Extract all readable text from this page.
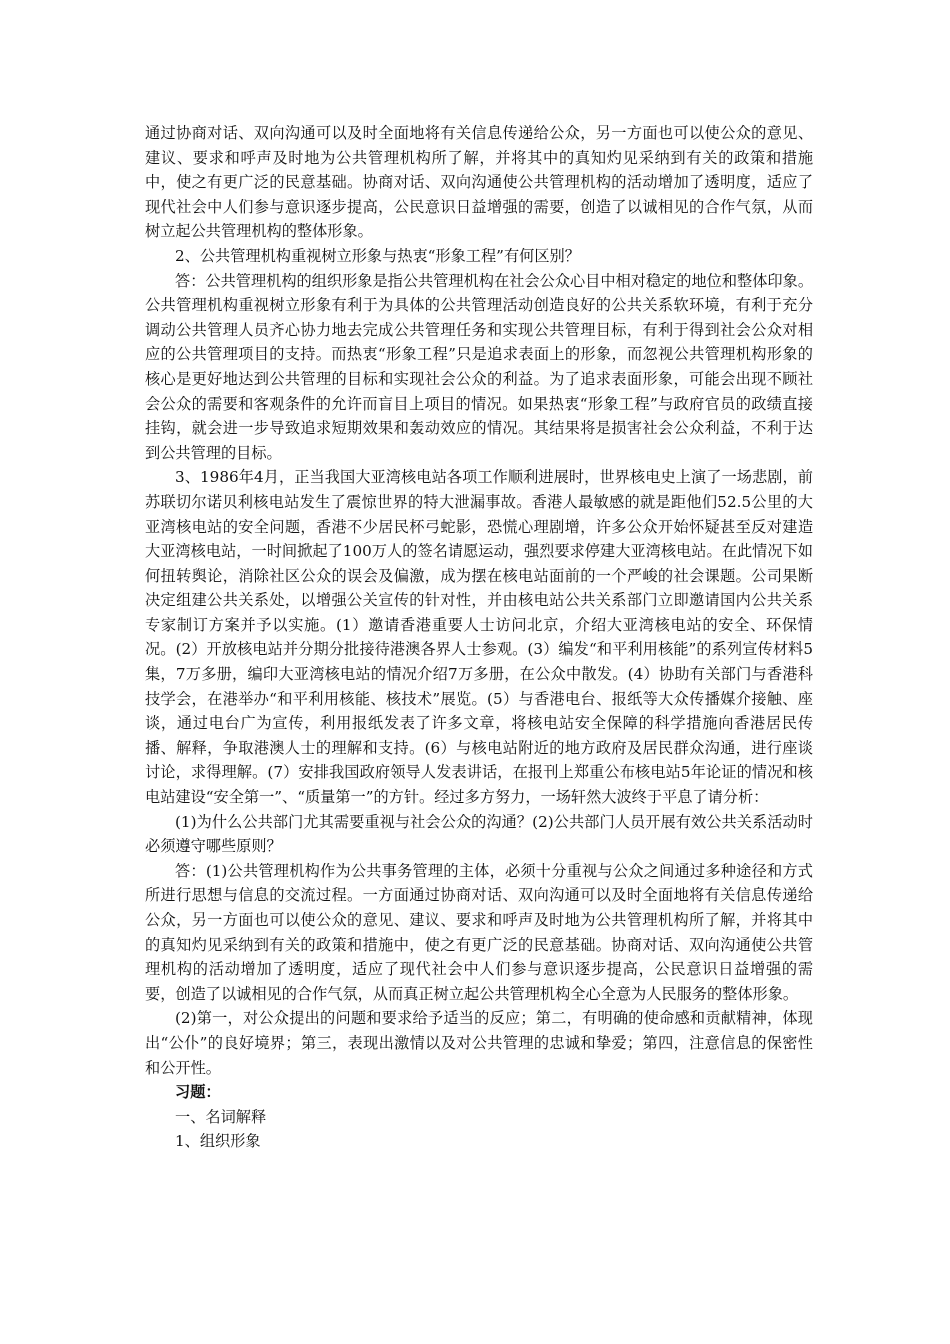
通过协商对话、双向沟通可以及时全面地将有关信息传递给公众，另一方面也可以使公众的意见、建议、要求和呼声及时地为公共管理机构所了解，并将其中的真知灼见采纳到有关的政策和措施中，使之有更广泛的民意基础。协商对话、双向沟通使公共管理机构的活动增加了透明度，适应了现代社会中人们参与意识逐步提高，公民意识日益增强的需要，创造了以诚相见的合作气氛，从而树立起公共管理机构的整体形象。

2、公共管理机构重视树立形象与热衷“形象工程”有何区别？

答：公共管理机构的组织形象是指公共管理机构在社会公众心目中相对稳定的地位和整体印象。公共管理机构重视树立形象有利于为具体的公共管理活动创造良好的公共关系软环境，有利于充分调动公共管理人员齐心协力地去完成公共管理任务和实现公共管理目标，有利于得到社会公众对相应的公共管理项目的支持。而热衷“形象工程”只是追求表面上的形象，而忽视公共管理机构形象的核心是更好地达到公共管理的目标和实现社会公众的利益。为了追求表面形象，可能会出现不顾社会公众的需要和客观条件的允许而盲目上项目的情况。如果热衷“形象工程”与政府官员的政绩直接挂钩，就会进一步导致追求短期效果和轰动效应的情况。其结果将是损害社会公众利益，不利于达到公共管理的目标。

3、1986年4月，正当我国大亚湾核电站各项工作顺利进展时，世界核电史上演了一场悲剧，前苏联切尔诺贝利核电站发生了震惊世界的特大泄漏事故。香港人最敏感的就是距他们52.5公里的大亚湾核电站的安全问题，香港不少居民杯弓蛇影，恐慌心理剧增，许多公众开始怀疑甚至反对建造大亚湾核电站，一时间掀起了100万人的签名请愿运动，强烈要求停建大亚湾核电站。在此情况下如何扭转舆论，消除社区公众的误会及偏激，成为摆在核电站面前的一个严峻的社会课题。公司果断决定组建公共关系处，以增强公关宣传的针对性，并由核电站公共关系部门立即邀请国内公共关系专家制订方案并予以实施。(1）邀请香港重要人士访问北京，介绍大亚湾核电站的安全、环保情况。(2）开放核电站并分期分批接待港澳各界人士参观。(3）编发“和平利用核能”的系列宣传材料5集，7万多册，编印大亚湾核电站的情况介绍7万多册，在公众中散发。(4）协助有关部门与香港科技学会，在港举办“和平利用核能、核技术”展览。(5）与香港电台、报纸等大众传播媒介接触、座谈，通过电台广为宣传，利用报纸发表了许多文章，将核电站安全保障的科学措施向香港居民传播、解释，争取港澳人士的理解和支持。(6）与核电站附近的地方政府及居民群众沟通，进行座谈讨论，求得理解。(7）安排我国政府领导人发表讲话，在报刊上郑重公布核电站5年论证的情况和核电站建设“安全第一”、“质量第一”的方针。经过多方努力，一场轩然大波终于平息了请分析：

(1)为什么公共部门尤其需要重视与社会公众的沟通？(2)公共部门人员开展有效公共关系活动时必须遵守哪些原则？

答：(1)公共管理机构作为公共事务管理的主体，必须十分重视与公众之间通过多种途径和方式所进行思想与信息的交流过程。一方面通过协商对话、双向沟通可以及时全面地将有关信息传递给公众，另一方面也可以使公众的意见、建议、要求和呼声及时地为公共管理机构所了解，并将其中的真知灼见采纳到有关的政策和措施中，使之有更广泛的民意基础。协商对话、双向沟通使公共管理机构的活动增加了透明度，适应了现代社会中人们参与意识逐步提高，公民意识日益增强的需要，创造了以诚相见的合作气氛，从而真正树立起公共管理机构全心全意为人民服务的整体形象。

(2)第一，对公众提出的问题和要求给予适当的反应；第二，有明确的使命感和贡献精神，体现出“公仆”的良好境界；第三，表现出激情以及对公共管理的忠诚和挚爱；第四，注意信息的保密性和公开性。

习题：

一、名词解释

1、组织形象
